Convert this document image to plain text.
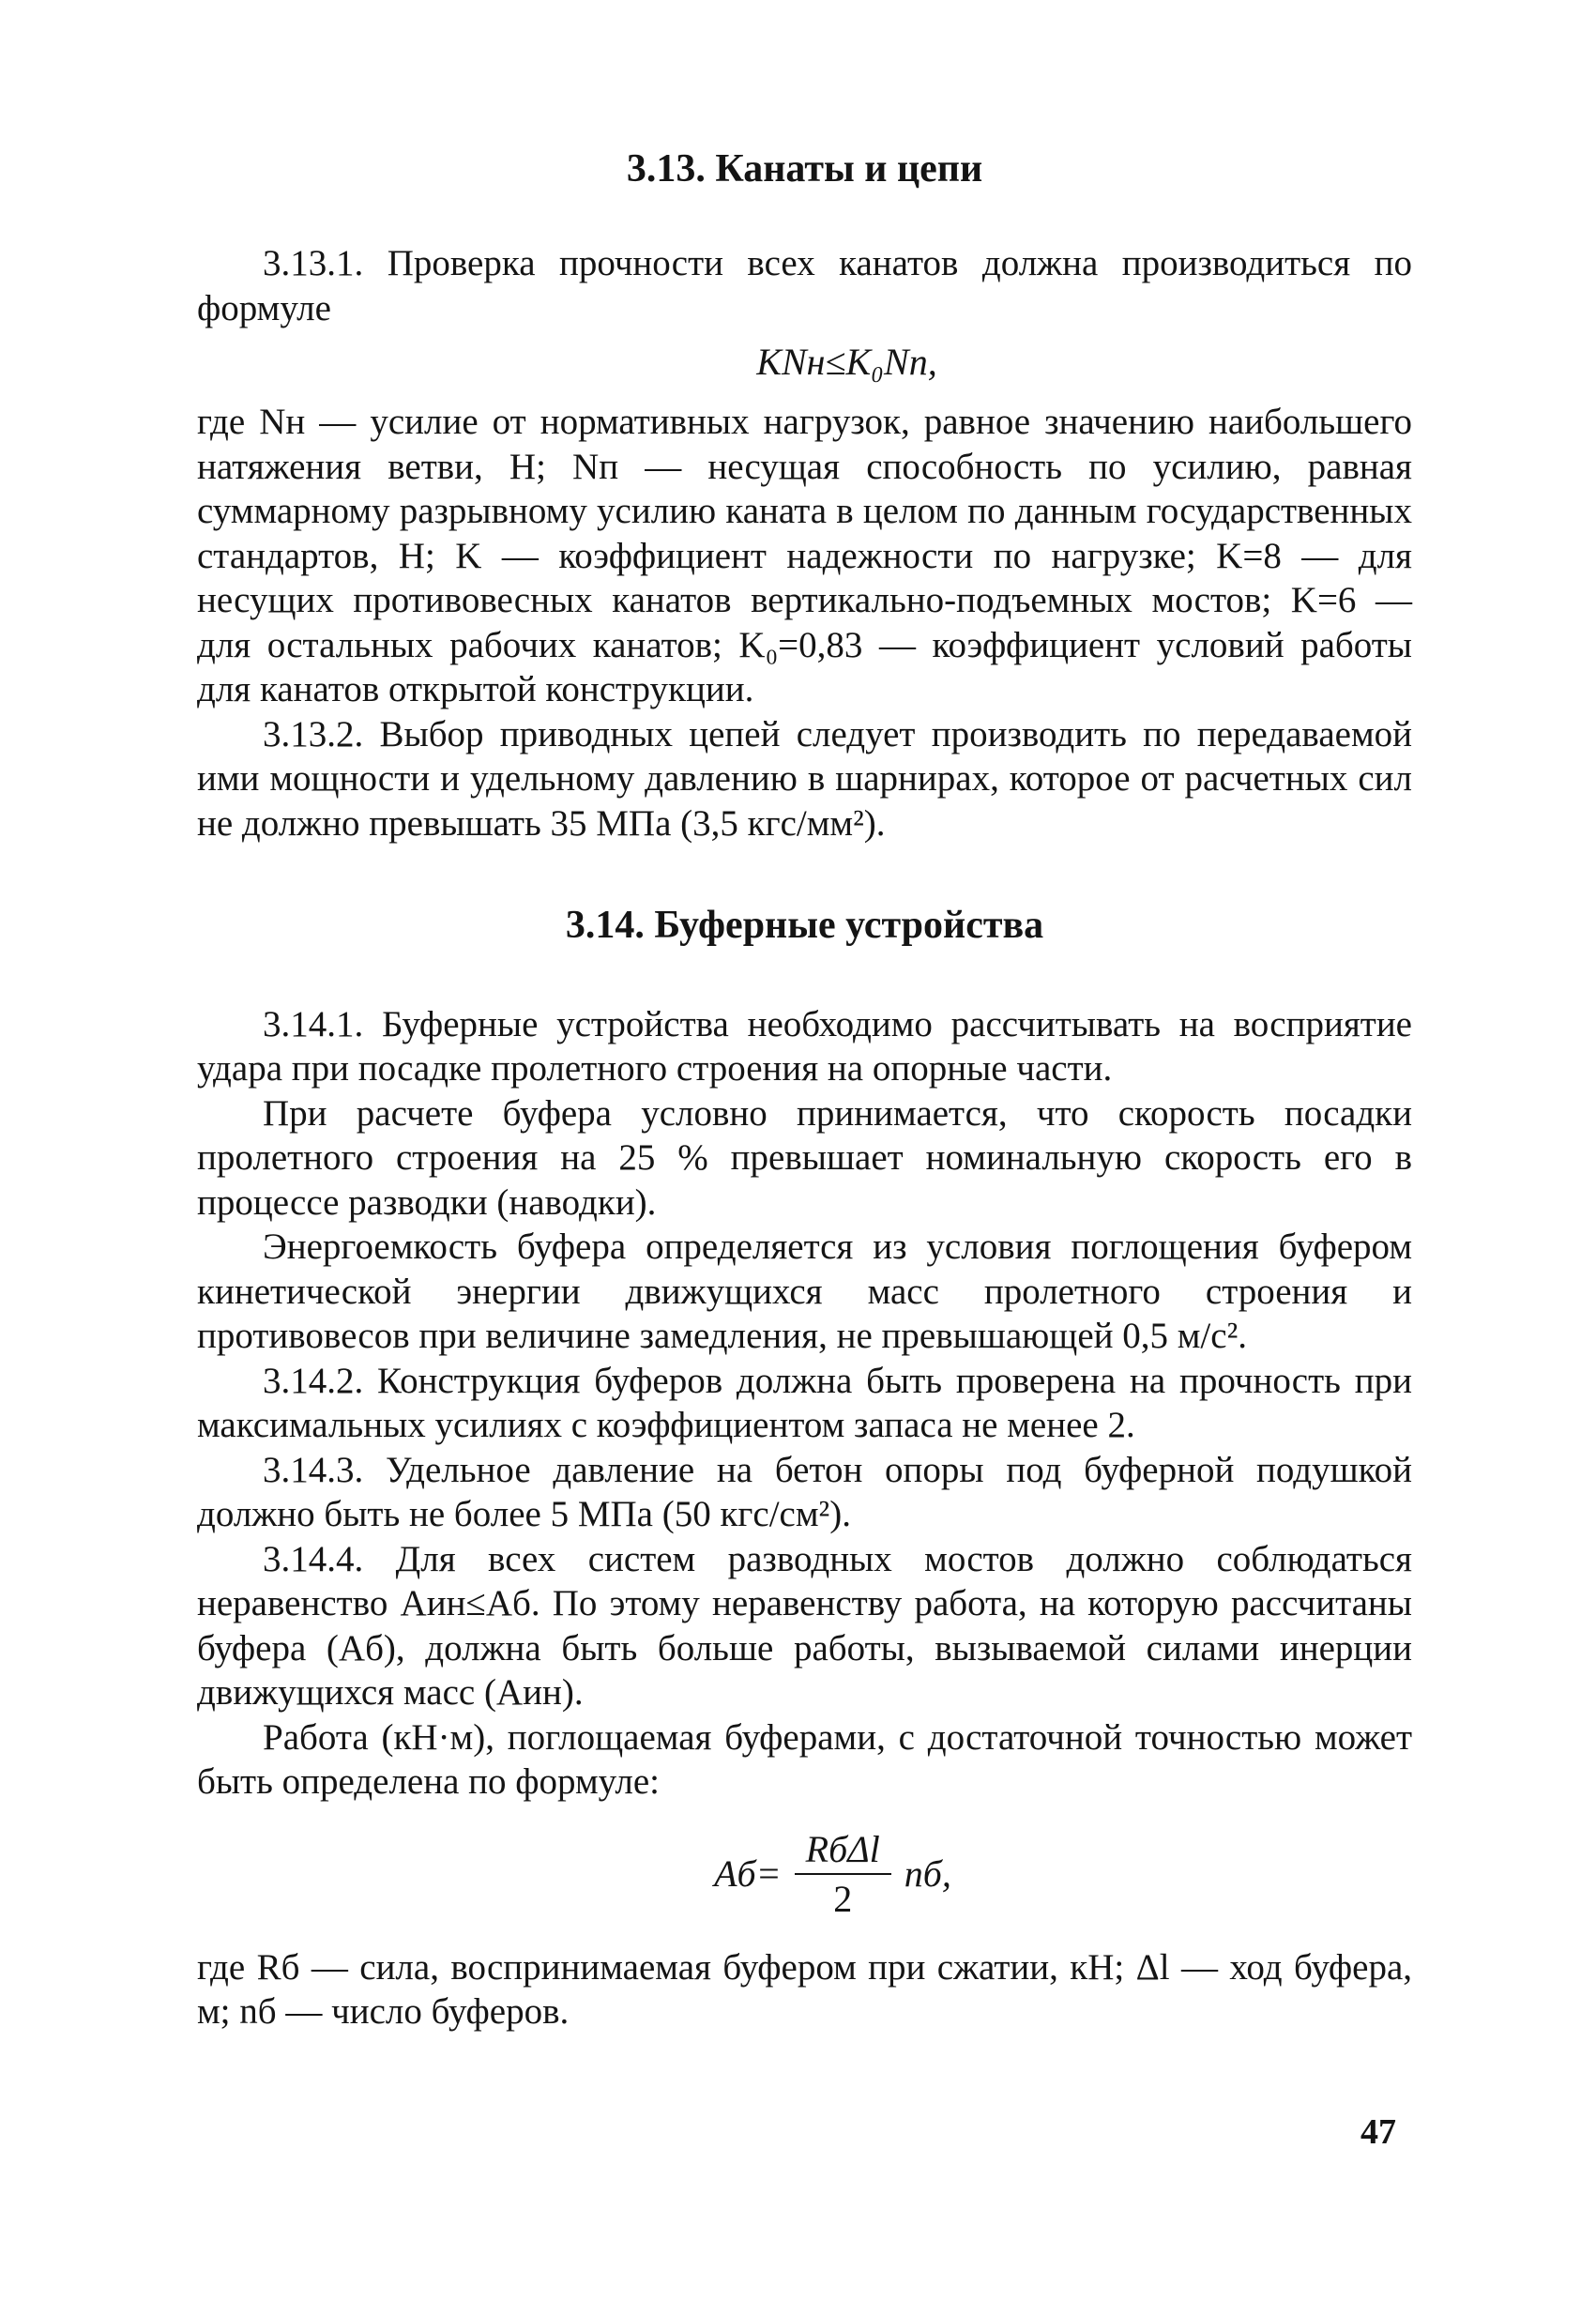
3.13. Канаты и цепи

3.13.1. Проверка прочности всех канатов должна производиться по формуле

KNн≤K₀Nп,

где Nн — усилие от нормативных нагрузок, равное значению наибольшего натяжения ветви, Н; Nп — несущая способность по усилию, равная суммарному разрывному усилию каната в целом по данным государственных стандартов, Н; K — коэффициент надежности по нагрузке; K=8 — для несущих противовесных канатов вертикально-подъемных мостов; K=6 — для остальных рабочих канатов; K₀=0,83 — коэффициент условий работы для канатов открытой конструкции.

3.13.2. Выбор приводных цепей следует производить по передаваемой ими мощности и удельному давлению в шарнирах, которое от расчетных сил не должно превышать 35 МПа (3,5 кгс/мм²).

3.14. Буферные устройства

3.14.1. Буферные устройства необходимо рассчитывать на восприятие удара при посадке пролетного строения на опорные части.

При расчете буфера условно принимается, что скорость посадки пролетного строения на 25 % превышает номинальную скорость его в процессе разводки (наводки).

Энергоемкость буфера определяется из условия поглощения буфером кинетической энергии движущихся масс пролетного строения и противовесов при величине замедления, не превышающей 0,5 м/с².

3.14.2. Конструкция буферов должна быть проверена на прочность при максимальных усилиях с коэффициентом запаса не менее 2.

3.14.3. Удельное давление на бетон опоры под буферной подушкой должно быть не более 5 МПа (50 кгс/см²).

3.14.4. Для всех систем разводных мостов должно соблюдаться неравенство Aин≤Aб. По этому неравенству работа, на которую рассчитаны буфера (Aб), должна быть больше работы, вызываемой силами инерции движущихся масс (Aин).

Работа (кН·м), поглощаемая буферами, с достаточной точностью может быть определена по формуле:

$Aб= \frac{\text{RбΔl}}{2}$ nб,

где Rб — сила, воспринимаемая буфером при сжатии, кН; Δl — ход буфера, м; nб — число буферов.

47
